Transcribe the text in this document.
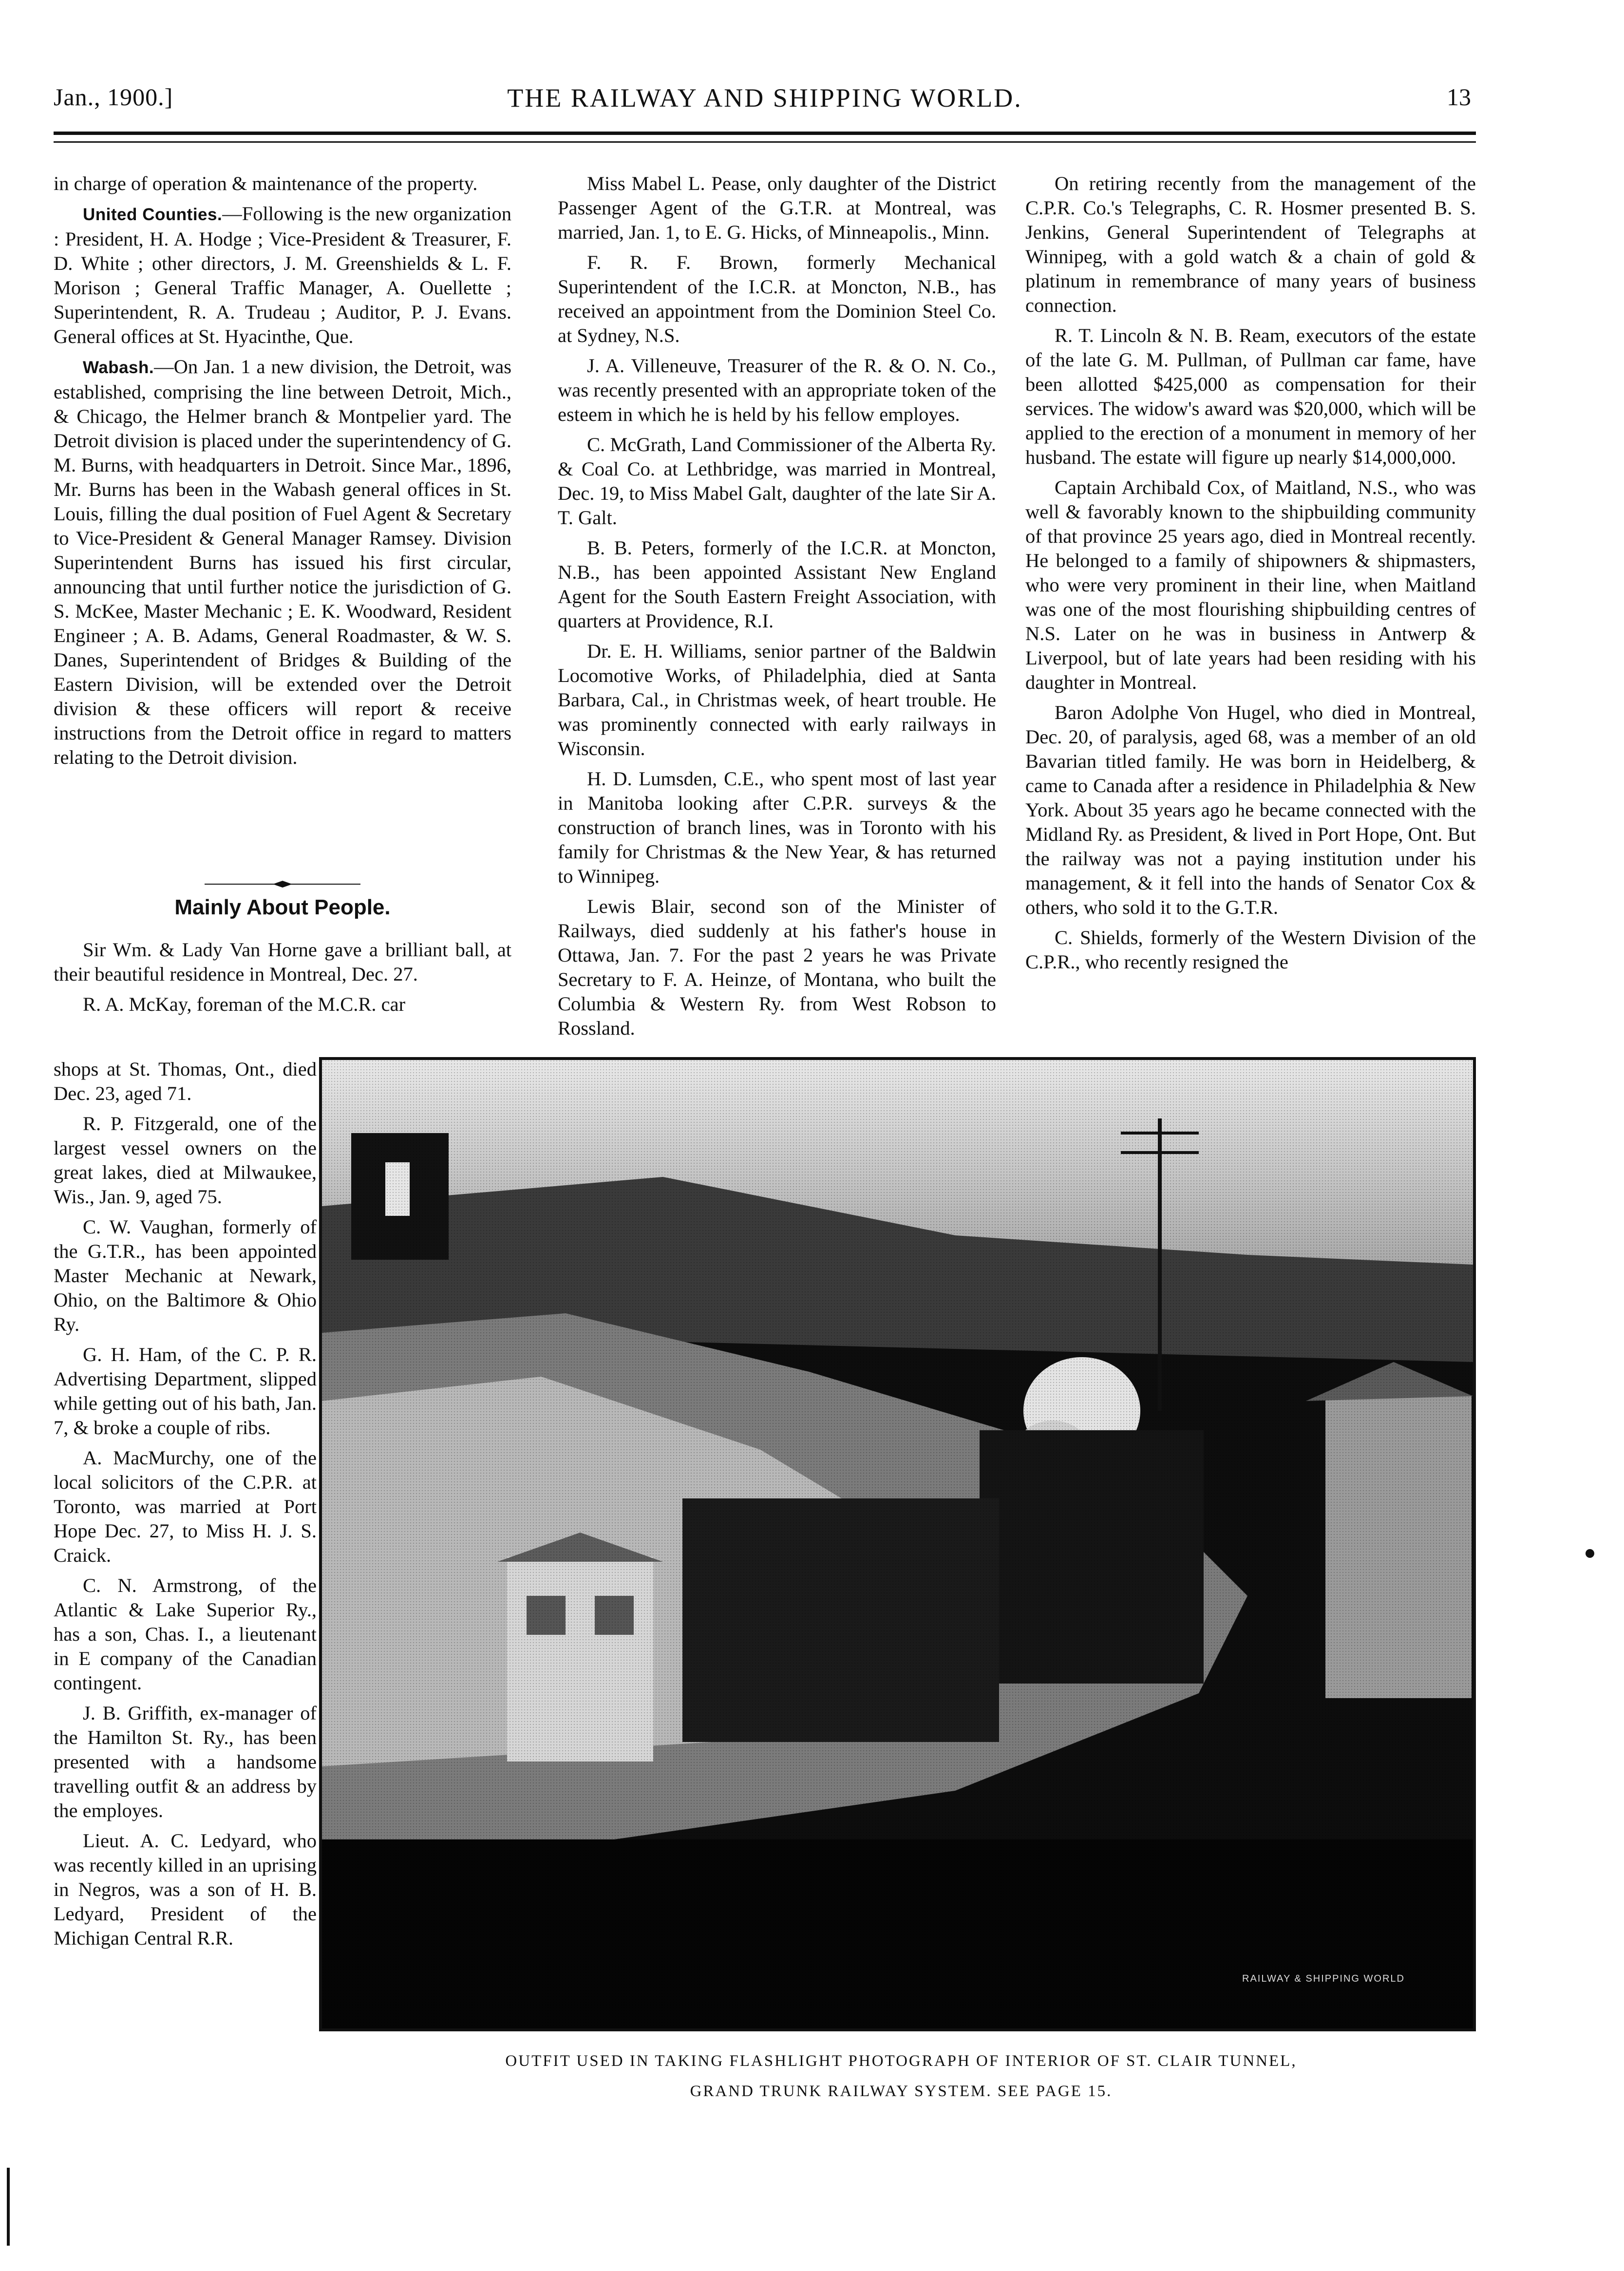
Jan., 1900.]	THE RAILWAY AND SHIPPING WORLD.	13

in charge of operation & maintenance of the property.

United Counties.—Following is the new organization : President, H. A. Hodge ; Vice-President & Treasurer, F. D. White ; other directors, J. M. Greenshields & L. F. Morison ; General Traffic Manager, A. Ouellette ; Superintendent, R. A. Trudeau ; Auditor, P. J. Evans. General offices at St. Hyacinthe, Que.

Wabash.—On Jan. 1 a new division, the Detroit, was established, comprising the line between Detroit, Mich., & Chicago, the Helmer branch & Montpelier yard. The Detroit division is placed under the superintendency of G. M. Burns, with headquarters in Detroit. Since Mar., 1896, Mr. Burns has been in the Wabash general offices in St. Louis, filling the dual position of Fuel Agent & Secretary to Vice-President & General Manager Ramsey. Division Superintendent Burns has issued his first circular, announcing that until further notice the jurisdiction of G. S. McKee, Master Mechanic ; E. K. Woodward, Resident Engineer ; A. B. Adams, General Roadmaster, & W. S. Danes, Superintendent of Bridges & Building of the Eastern Division, will be extended over the Detroit division & these officers will report & receive instructions from the Detroit office in regard to matters relating to the Detroit division.

Mainly About People.

Sir Wm. & Lady Van Horne gave a brilliant ball, at their beautiful residence in Montreal, Dec. 27.

R. A. McKay, foreman of the M.C.R. car

shops at St. Thomas, Ont., died Dec. 23, aged 71.

R. P. Fitzgerald, one of the largest vessel owners on the great lakes, died at Milwaukee, Wis., Jan. 9, aged 75.

C. W. Vaughan, formerly of the G.T.R., has been appointed Master Mechanic at Newark, Ohio, on the Baltimore & Ohio Ry.

G. H. Ham, of the C. P. R. Advertising Department, slipped while getting out of his bath, Jan. 7, & broke a couple of ribs.

A. MacMurchy, one of the local solicitors of the C.P.R. at Toronto, was married at Port Hope Dec. 27, to Miss H. J. S. Craick.

C. N. Armstrong, of the Atlantic & Lake Superior Ry., has a son, Chas. I., a lieutenant in E company of the Canadian contingent.

J. B. Griffith, ex-manager of the Hamilton St. Ry., has been presented with a handsome travelling outfit & an address by the employes.

Lieut. A. C. Ledyard, who was recently killed in an uprising in Negros, was a son of H. B. Ledyard, President of the Michigan Central R.R.

Miss Mabel L. Pease, only daughter of the District Passenger Agent of the G.T.R. at Montreal, was married, Jan. 1, to E. G. Hicks, of Minneapolis., Minn.

F. R. F. Brown, formerly Mechanical Superintendent of the I.C.R. at Moncton, N.B., has received an appointment from the Dominion Steel Co. at Sydney, N.S.

J. A. Villeneuve, Treasurer of the R. & O. N. Co., was recently presented with an appropriate token of the esteem in which he is held by his fellow employes.

C. McGrath, Land Commissioner of the Alberta Ry. & Coal Co. at Lethbridge, was married in Montreal, Dec. 19, to Miss Mabel Galt, daughter of the late Sir A. T. Galt.

B. B. Peters, formerly of the I.C.R. at Moncton, N.B., has been appointed Assistant New England Agent for the South Eastern Freight Association, with quarters at Providence, R.I.

Dr. E. H. Williams, senior partner of the Baldwin Locomotive Works, of Philadelphia, died at Santa Barbara, Cal., in Christmas week, of heart trouble. He was prominently connected with early railways in Wisconsin.

H. D. Lumsden, C.E., who spent most of last year in Manitoba looking after C.P.R. surveys & the construction of branch lines, was in Toronto with his family for Christmas & the New Year, & has returned to Winnipeg.

Lewis Blair, second son of the Minister of Railways, died suddenly at his father's house in Ottawa, Jan. 7. For the past 2 years he was Private Secretary to F. A. Heinze, of Montana, who built the Columbia & Western Ry. from West Robson to Rossland.

On retiring recently from the management of the C.P.R. Co.'s Telegraphs, C. R. Hosmer presented B. S. Jenkins, General Superintendent of Telegraphs at Winnipeg, with a gold watch & a chain of gold & platinum in remembrance of many years of business connection.

R. T. Lincoln & N. B. Ream, executors of the estate of the late G. M. Pullman, of Pullman car fame, have been allotted $425,000 as compensation for their services. The widow's award was $20,000, which will be applied to the erection of a monument in memory of her husband. The estate will figure up nearly $14,000,000.

Captain Archibald Cox, of Maitland, N.S., who was well & favorably known to the shipbuilding community of that province 25 years ago, died in Montreal recently. He belonged to a family of shipowners & shipmasters, who were very prominent in their line, when Maitland was one of the most flourishing shipbuilding centres of N.S. Later on he was in business in Antwerp & Liverpool, but of late years had been residing with his daughter in Montreal.

Baron Adolphe Von Hugel, who died in Montreal, Dec. 20, of paralysis, aged 68, was a member of an old Bavarian titled family. He was born in Heidelberg, & came to Canada after a residence in Philadelphia & New York. About 35 years ago he became connected with the Midland Ry. as President, & lived in Port Hope, Ont. But the railway was not a paying institution under his management, & it fell into the hands of Senator Cox & others, who sold it to the G.T.R.

C. Shields, formerly of the Western Division of the C.P.R., who recently resigned the

RAILWAY & SHIPPING WORLD
OUTFIT USED IN TAKING FLASHLIGHT PHOTOGRAPH OF INTERIOR OF ST. CLAIR TUNNEL,
GRAND TRUNK RAILWAY SYSTEM. SEE PAGE 15.
